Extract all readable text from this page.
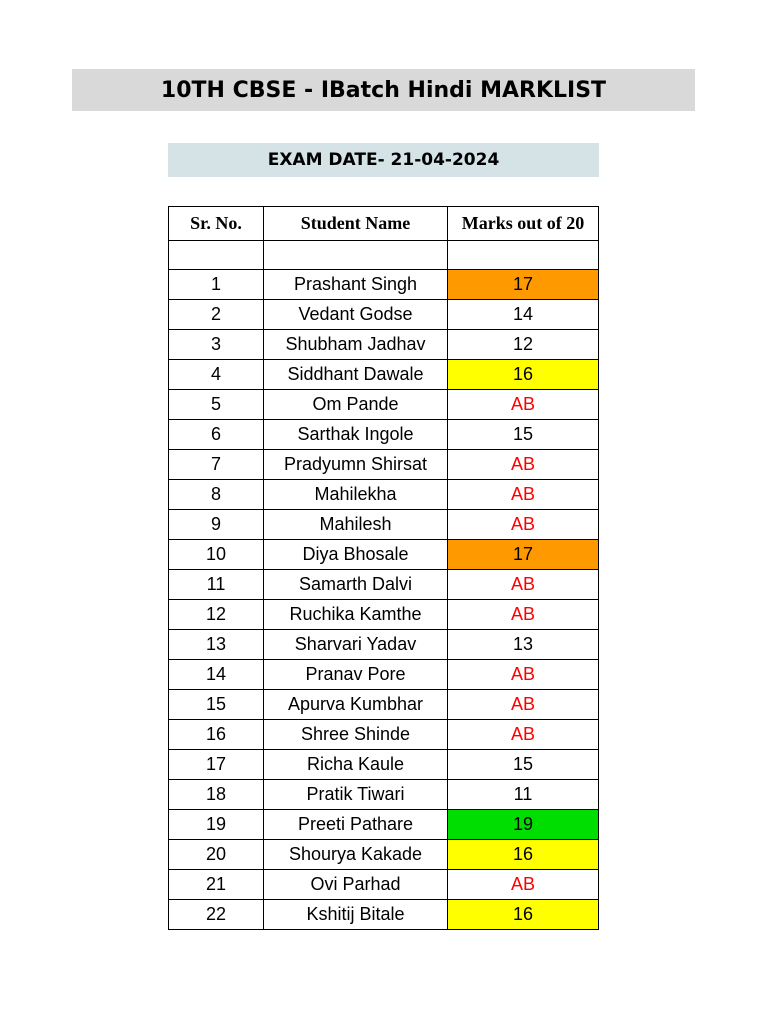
10TH CBSE - IBatch Hindi MARKLIST
EXAM DATE- 21-04-2024
Sr. No.	Student Name	Marks out of 20

1	Prashant Singh	17
2	Vedant Godse	14
3	Shubham Jadhav	12
4	Siddhant Dawale	16
5	Om Pande	AB
6	Sarthak Ingole	15
7	Pradyumn Shirsat	AB
8	Mahilekha	AB
9	Mahilesh	AB
10	Diya Bhosale	17
11	Samarth Dalvi	AB
12	Ruchika Kamthe	AB
13	Sharvari Yadav	13
14	Pranav Pore	AB
15	Apurva Kumbhar	AB
16	Shree Shinde	AB
17	Richa Kaule	15
18	Pratik Tiwari	11
19	Preeti Pathare	19
20	Shourya Kakade	16
21	Ovi Parhad	AB
22	Kshitij Bitale	16
